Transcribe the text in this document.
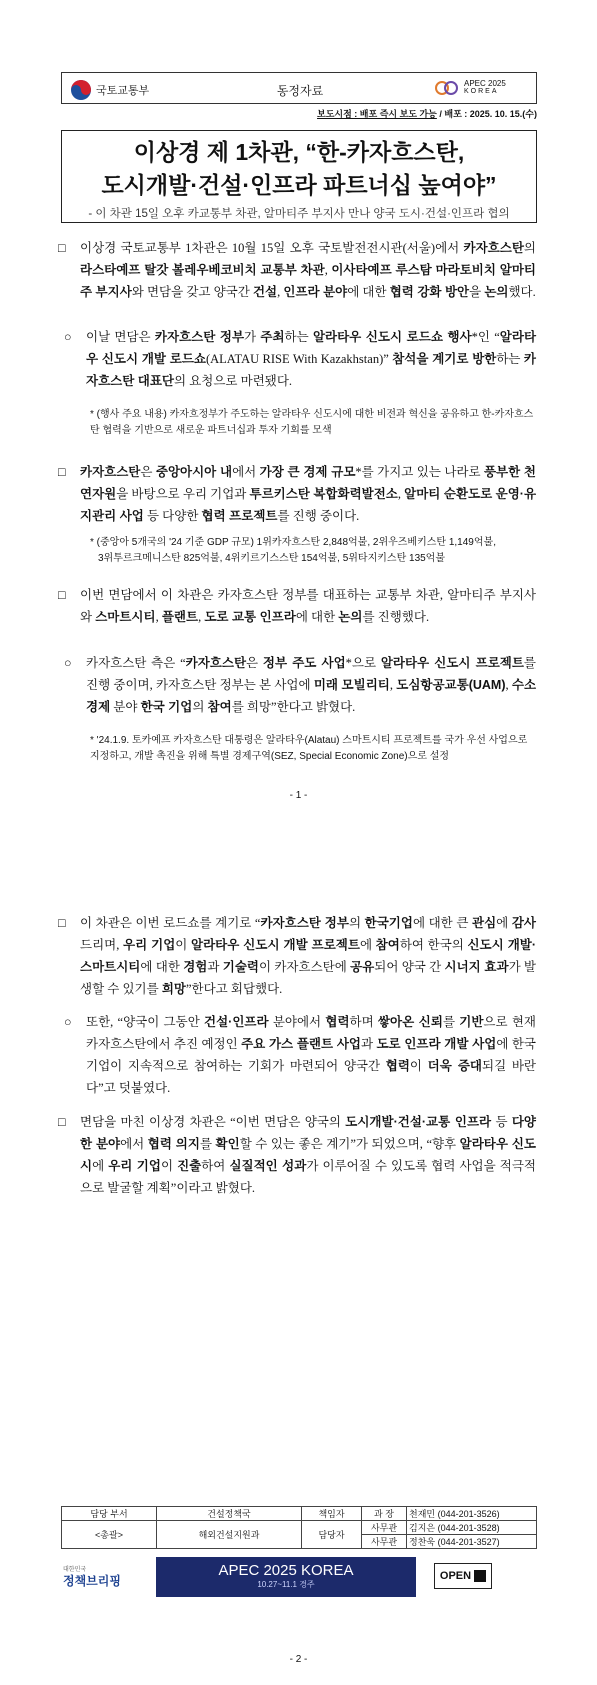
국토교통부	동정자료
APEC 2025
KOREA
보도시점 : 배포 즉시 보도 가능 / 배포 : 2025. 10. 15.(수)
이상경 제 1차관, “한-카자흐스탄,
도시개발·건설·인프라 파트너십 높여야”
- 이 차관 15일 오후 카교통부 차관, 알마티주 부지사 만나 양국 도시·건설·인프라 협의
□ 이상경 국토교통부 1차관은 10월 15일 오후 국토발전전시관(서울)에서 카자흐스탄의 라스타예프 탈갓 볼레우베코비치 교통부 차관, 이사타예프 루스탐 마라토비치 알마티주 부지사와 면담을 갖고 양국간 건설, 인프라 분야에 대한 협력 강화 방안을 논의했다.
○ 이날 면담은 카자흐스탄 정부가 주최하는 알라타우 신도시 로드쇼 행사*인 “알라타우 신도시 개발 로드쇼(ALATAU RISE With Kazakhstan)” 참석을 계기로 방한하는 카자흐스탄 대표단의 요청으로 마련됐다.
* (행사 주요 내용) 카자흐정부가 주도하는 알라타우 신도시에 대한 비전과 혁신을 공유하고 한-카자흐스탄 협력을 기반으로 새로운 파트너십과 투자 기회를 모색
□ 카자흐스탄은 중앙아시아 내에서 가장 큰 경제 규모*를 가지고 있는 나라로 풍부한 천연자원을 바탕으로 우리 기업과 투르키스탄 복합화력발전소, 알마티 순환도로 운영·유지관리 사업 등 다양한 협력 프로젝트를 진행 중이다.
* (중앙아 5개국의 '24 기준 GDP 규모) 1위카자흐스탄 2,848억불, 2위우즈베키스탄 1,149억불,
3위투르크메니스탄 825억불, 4위키르기스스탄 154억불, 5위타지키스탄 135억불
□ 이번 면담에서 이 차관은 카자흐스탄 정부를 대표하는 교통부 차관, 알마티주 부지사와 스마트시티, 플랜트, 도로 교통 인프라에 대한 논의를 진행했다.
○ 카자흐스탄 측은 “카자흐스탄은 정부 주도 사업*으로 알라타우 신도시 프로젝트를 진행 중이며, 카자흐스탄 정부는 본 사업에 미래 모빌리티, 도심항공교통(UAM), 수소경제 분야 한국 기업의 참여를 희망”한다고 밝혔다.
* '24.1.9. 토카예프 카자흐스탄 대통령은 알라타우(Alatau) 스마트시티 프로젝트를 국가 우선 사업으로 지정하고, 개발 촉진을 위해 특별 경제구역(SEZ, Special Economic Zone)으로 설정
- 1 -
□ 이 차관은 이번 로드쇼를 계기로 “카자흐스탄 정부의 한국기업에 대한 큰 관심에 감사드리며, 우리 기업이 알라타우 신도시 개발 프로젝트에 참여하여 한국의 신도시 개발·스마트시티에 대한 경험과 기술력이 카자흐스탄에 공유되어 양국 간 시너지 효과가 발생할 수 있기를 희망”한다고 회답했다.
○ 또한, “양국이 그동안 건설·인프라 분야에서 협력하며 쌓아온 신뢰를 기반으로 현재 카자흐스탄에서 추진 예정인 주요 가스 플랜트 사업과 도로 인프라 개발 사업에 한국 기업이 지속적으로 참여하는 기회가 마련되어 양국간 협력이 더욱 증대되길 바란다”고 덧붙였다.
□ 면담을 마친 이상경 차관은 “이번 면담은 양국의 도시개발·건설·교통 인프라 등 다양한 분야에서 협력 의지를 확인할 수 있는 좋은 계기”가 되었으며, “향후 알라타우 신도시에 우리 기업이 진출하여 실질적인 성과가 이루어질 수 있도록 협력 사업을 적극적으로 발굴할 계획”이라고 밝혔다.
담당 부서	건설정책국	책임자	과 장	천재민 (044-201-3526)
<총괄>	해외건설지원과	담당자	사무관	김지은 (044-201-3528)
			사무관	정찬욱 (044-201-3527)
대한민국
정책브리핑
APEC 2025 KOREA
10.27~11.1 경주
OPEN
- 2 -
